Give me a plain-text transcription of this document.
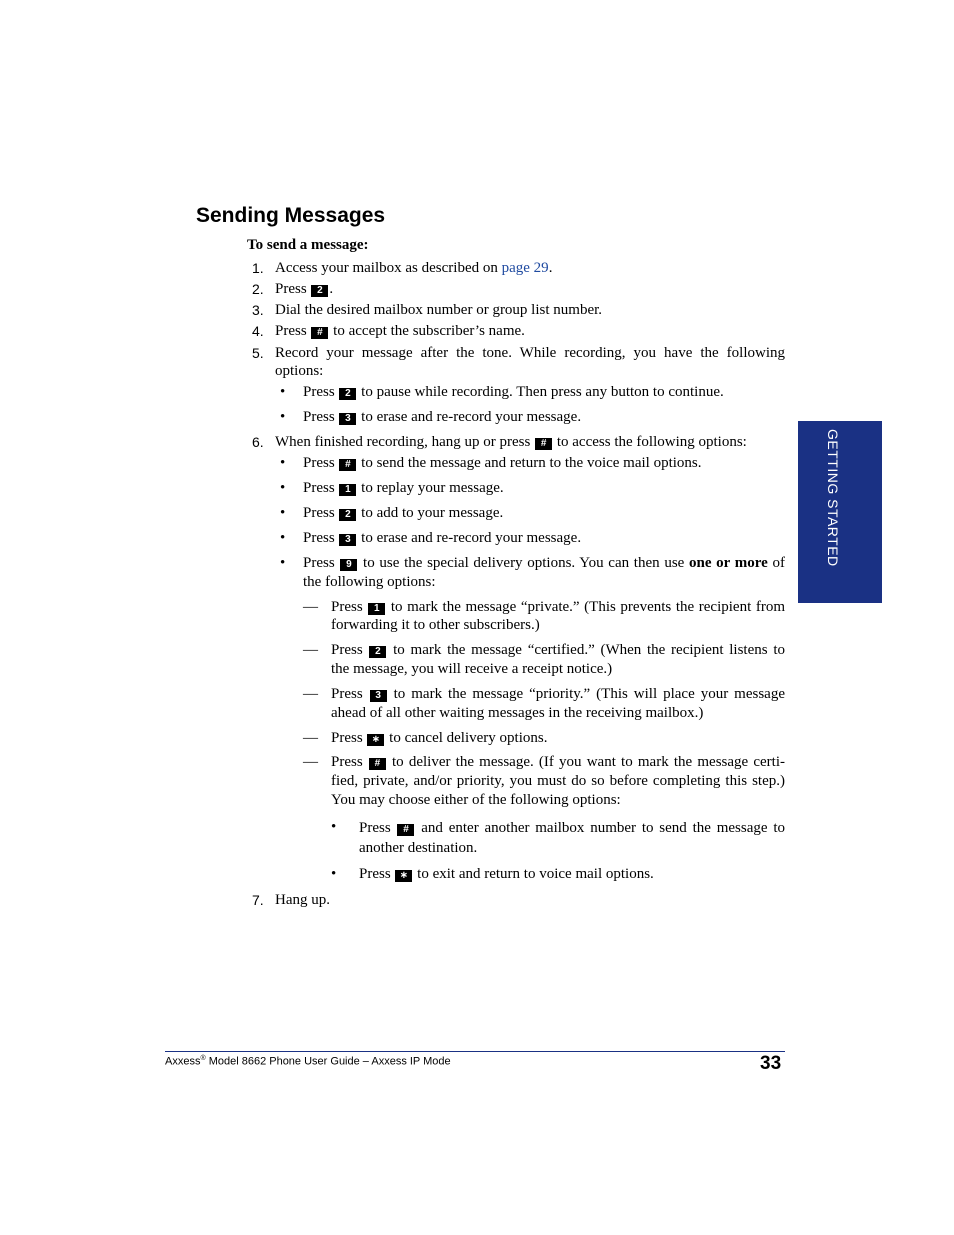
Sending Messages
To send a message:
1. Access your mailbox as described on page 29.
2. Press 2 .
3. Dial the desired mailbox number or group list number.
4. Press # to accept the subscriber’s name.
5. Record your message after the tone. While recording, you have the following options:
• Press 2 to pause while recording. Then press any button to continue.
• Press 3 to erase and re-record your message.
6. When finished recording, hang up or press # to access the following options:
• Press # to send the message and return to the voice mail options.
• Press 1 to replay your message.
• Press 2 to add to your message.
• Press 3 to erase and re-record your message.
• Press 9 to use the special delivery options. You can then use one or more of the following options:
— Press 1 to mark the message “private.” (This prevents the recipient from forwarding it to other subscribers.)
— Press 2 to mark the message “certified.” (When the recipient listens to the message, you will receive a receipt notice.)
— Press 3 to mark the message “priority.” (This will place your message ahead of all other waiting messages in the receiving mailbox.)
— Press ∗ to cancel delivery options.
— Press # to deliver the message. (If you want to mark the message certi-fied, private, and/or priority, you must do so before completing this step.) You may choose either of the following options:
• Press # and enter another mailbox number to send the message to another destination.
• Press ∗ to exit and return to voice mail options.
7. Hang up.
GETTING STARTED
Axxess® Model 8662 Phone User Guide – Axxess IP Mode	33
